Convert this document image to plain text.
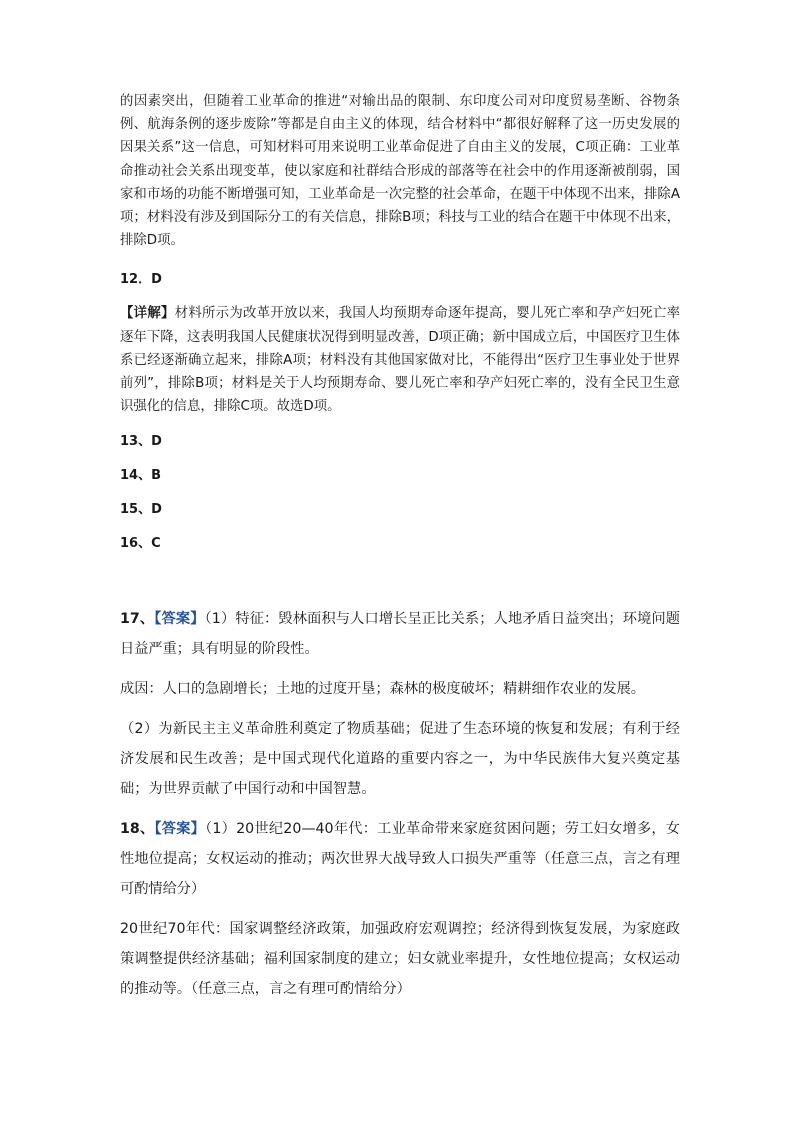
的因素突出，但随着工业革命的推进“对输出品的限制、东印度公司对印度贸易垄断、谷物条例、航海条例的逐步废除”等都是自由主义的体现，结合材料中“都很好解释了这一历史发展的因果关系”这一信息，可知材料可用来说明工业革命促进了自由主义的发展，C项正确：工业革命推动社会关系出现变革，使以家庭和社群结合形成的部落等在社会中的作用逐渐被削弱，国家和市场的功能不断增强可知，工业革命是一次完整的社会革命，在题干中体现不出来，排除A项；材料没有涉及到国际分工的有关信息，排除B项；科技与工业的结合在题干中体现不出来，排除D项。

12．D

【详解】材料所示为改革开放以来，我国人均预期寿命逐年提高，婴儿死亡率和孕产妇死亡率逐年下降，这表明我国人民健康状况得到明显改善，D项正确；新中国成立后，中国医疗卫生体系已经逐渐确立起来，排除A项；材料没有其他国家做对比，不能得出“医疗卫生事业处于世界前列”，排除B项；材料是关于人均预期寿命、婴儿死亡率和孕产妇死亡率的，没有全民卫生意识强化的信息，排除C项。故选D项。

13、D

14、B

15、D

16、C

17、【答案】（1）特征：毁林面积与人口增长呈正比关系；人地矛盾日益突出；环境问题日益严重；具有明显的阶段性。

成因：人口的急剧增长；土地的过度开垦；森林的极度破坏；精耕细作农业的发展。

（2）为新民主主义革命胜利奠定了物质基础；促进了生态环境的恢复和发展；有利于经济发展和民生改善；是中国式现代化道路的重要内容之一，为中华民族伟大复兴奠定基础；为世界贡献了中国行动和中国智慧。

18、【答案】（1）20世纪20—40年代：工业革命带来家庭贫困问题；劳工妇女增多，女性地位提高；女权运动的推动；两次世界大战导致人口损失严重等（任意三点，言之有理可酌情给分）

20世纪70年代：国家调整经济政策，加强政府宏观调控；经济得到恢复发展，为家庭政策调整提供经济基础；福利国家制度的建立；妇女就业率提升，女性地位提高；女权运动的推动等。（任意三点，言之有理可酌情给分）
